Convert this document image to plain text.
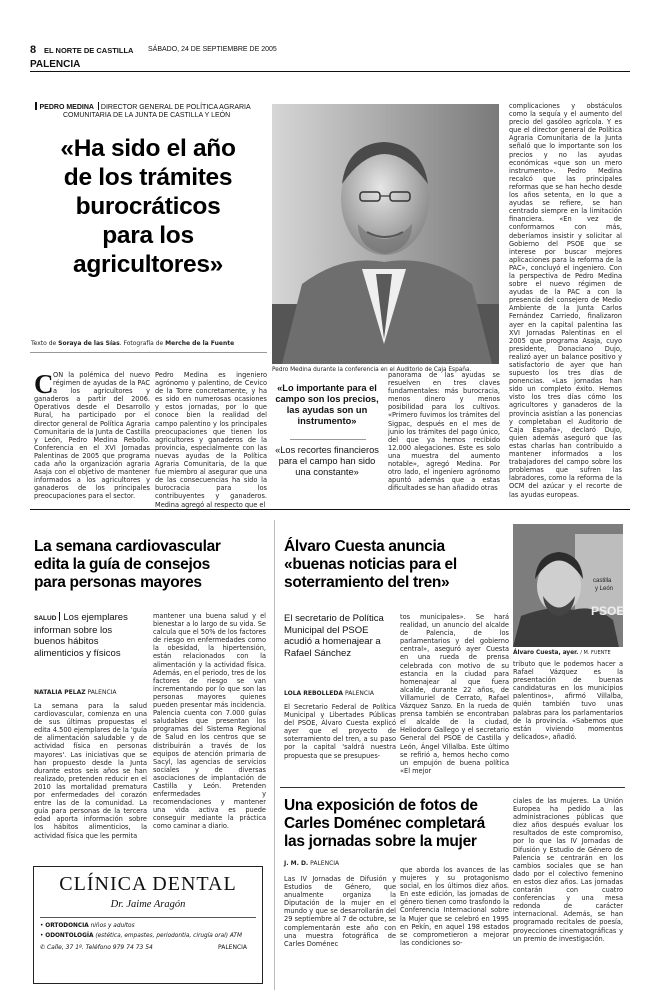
8 EL NORTE DE CASTILLA SÁBADO, 24 DE SEPTIEMBRE DE 2005
PALENCIA
PEDRO MEDINA DIRECTOR GENERAL DE POLÍTICA AGRARIA
COMUNITARIA DE LA JUNTA DE CASTILLA Y LEÓN
«Ha sido el año
de los trámites
burocráticos
para los
agricultores»
Texto de Soraya de las Sías. Fotografía de Merche de la Fuente
Pedro Medina durante la conferencia en el Auditorio de Caja España.
C ON la polémica del nuevo régimen de ayudas de la PAC a los agricultores y ganaderos a partir del 2006. Operativos desde el Desarrollo Rural, ha participado por el director general de Política Agraria Comunitaria de la Junta de Castilla y León, Pedro Medina Rebollo. Conferencia en el XVI Jornadas Palentinas de 2005 que programa cada año la organización agraria Asaja con el objetivo de mantener informados a los agricultores y ganaderos de los principales preocupaciones para el sector.
Pedro Medina es ingeniero agrónomo y palentino, de Cevico de la Torre concretamente, y ha es sido en numerosas ocasiones y estos jornadas, por lo que conoce bien la realidad del campo palentino y los principales preocupaciones que tienen los agricultores y ganaderos de la provincia, especialmente con las nuevas ayudas de la Política Agraria Comunitaria, de la que fue miembro al asegurar que una de las consecuencias ha sido la burocracia para los contribuyentes y ganaderos. Medina agregó al respecto que el
«Lo importante para el campo son los precios, las ayudas son un instrumento»
«Los recortes financieros para el campo han sido una constante»
panorama de las ayudas se resuelven en tres claves fundamentales: más burocracia, menos dinero y menos posibilidad para los cultivos. «Primero fuvimos los trámites del Sigpac, después en el mes de junio los trámites del pago único, del que ya hemos recibido 12.000 alegaciones. Este es solo una muestra del aumento notable», agregó Medina. Por otro lado, el ingeniero agrónomo apuntó además que a estas dificultades se han añadido otras
complicaciones y obstáculos como la sequía y el aumento del precio del gasóleo agrícola. Y es que el director general de Política Agraria Comunitaria de la Junta señaló que lo importante son los precios y no las ayudas económicas «que son un mero instrumento». Pedro Medina recalcó que las principales reformas que se han hecho desde los años setenta, en lo que a ayudas se refiere, se han centrado siempre en la limitación financiera. «En vez de conformarnos con más, deberíamos insistir y solicitar al Gobierno del PSOE que se interese por buscar mejores aplicaciones para la reforma de la PAC», concluyó el ingeniero. Con la perspectiva de Pedro Medina sobre el nuevo régimen de ayudas de la PAC a con la presencia del consejero de Medio Ambiente de la Junta Carlos Fernández Carriedo, finalizaron ayer en la capital palentina las XVI Jornadas Palentinas en el 2005 que programa Asaja, cuyo presidente, Donaciano Dujo, realizó ayer un balance positivo y satisfactorio de ayer que han supuesto los tres días de ponencias. «Las jornadas han sido un completo éxito. Hemos visto los tres días cómo los agricultores y ganaderos de la provincia asistían a las ponencias y completaban el Auditorio de Caja España», declaró Dujo, quien además aseguró que las estas charlas han contribuido a mantener informados a los trabajadores del campo sobre los problemas que sufren las labradores, como la reforma de la OCM del azúcar y el recorte de las ayudas europeas.
La semana cardiovascular
edita la guía de consejos
para personas mayores
SALUD Los ejemplares informan sobre los buenos hábitos alimenticios y físicos
NATALIA PELAZ PALENCIA
La semana para la salud cardiovascular, comienza en una de sus últimas propuestas el edita 4.500 ejemplares de la 'guía de alimentación saludable y de actividad física en personas mayores'. Las iniciativas que se han propuesto desde la Junta durante estos seis años se han realizado, pretenden reducir en el 2010 las mortalidad prematura por enfermedades del corazón entre las de la comunidad. La guía para personas de la tercera edad aporta información sobre los hábitos alimenticios, la actividad física que les permita
mantener una buena salud y el bienestar a lo largo de su vida. Se calcula que el 50% de los factores de riesgo en enfermedades como la obesidad, la hipertensión, están relacionados con la alimentación y la actividad física. Además, en el periodo, tres de los factores de riesgo se van incrementando por lo que son las personas mayores quienes pueden presentar más incidencia. Palencia cuenta con 7.000 guías saludables que presentan los programas del Sistema Regional de Salud en los centros que se distribuirán a través de los equipos de atención primaria de Sacyl, las agencias de servicios sociales y de diversas asociaciones de implantación de Castilla y León. Pretenden enfermedades y recomendaciones y mantener una vida activa es puede conseguir mediante la práctica como caminar a diario.
CLÍNICA DENTAL
Dr. Jaime Aragón
• ORTODONCIA niños y adultos
• ODONTOLOGÍA (estética, empastes, periodontia, cirugía oral) ATM
✆ Calle, 37 1º. Teléfono 979 74 73 54	PALENCIA
Álvaro Cuesta anuncia
«buenas noticias para el
soterramiento del tren»
El secretario de Política Municipal del PSOE acudió a homenajear a Rafael Sánchez
LOLA REBOLLEDA PALENCIA
El Secretario Federal de Política Municipal y Libertades Públicas del PSOE, Álvaro Cuesta explicó ayer que el proyecto de soterramiento del tren, a su paso por la capital 'saldrá nuestra propuesta que se presupues-
tos municipales». Se hará realidad, un anuncio del alcalde de Palencia, de los parlamentarios y del gobierno central», aseguró ayer Cuesta en una rueda de prensa celebrada con motivo de su estancia en la ciudad para homenajear al que fuera alcalde, durante 22 años, de Villamuriel de Cerrato, Rafael Vázquez Sanzo. En la rueda de prensa también se encontraban el alcalde de la ciudad, Heliodoro Gallego y el secretario General del PSOE de Castilla y León, Ángel Villalba. Este último se refirió a, hemos hecho como un empujón de buena política «El mejor
castilla
y León
PSOE
Álvaro Cuesta, ayer. / M. FUENTE
tributo que le podemos hacer a Rafael Vázquez es la presentación de buenas candidaturas en los municipios palentinos», afirmó Villalba, quién también tuvo unas palabras para los parlamentarios de la provincia. «Sabemos que están viviendo momentos delicados», añadió.
Una exposición de fotos de
Carles Doménec completará
las jornadas sobre la mujer
J. M. D. PALENCIA
Las IV Jornadas de Difusión y Estudios de Género, que anualmente organiza la Diputación de la mujer en el mundo y que se desarrollarán del 29 septiembre al 7 de octubre, se complementarán este año con una muestra fotográfica de Carles Doménec
que aborda los avances de las mujeres y su protagonismo social, en los últimos diez años. En este edición, las jornadas de género tienen como trasfondo la Conferencia Internacional sobre la Mujer que se celebró en 1995 en Pekín, en aquel 198 estados se comprometieron a mejorar las condiciones so-
ciales de las mujeres. La Unión Europea ha pedido a las administraciones públicas que diez años después evaluar los resultados de este compromiso, por lo que las IV Jornadas de Difusión y Estudio de Género de Palencia se centrarán en los cambios sociales que se han dado por el colectivo femenino en estos diez años. Las jornadas contarán con cuatro conferencias y una mesa redonda de carácter internacional. Además, se han programado recitales de poesía, proyecciones cinematográficas y un premio de investigación.
